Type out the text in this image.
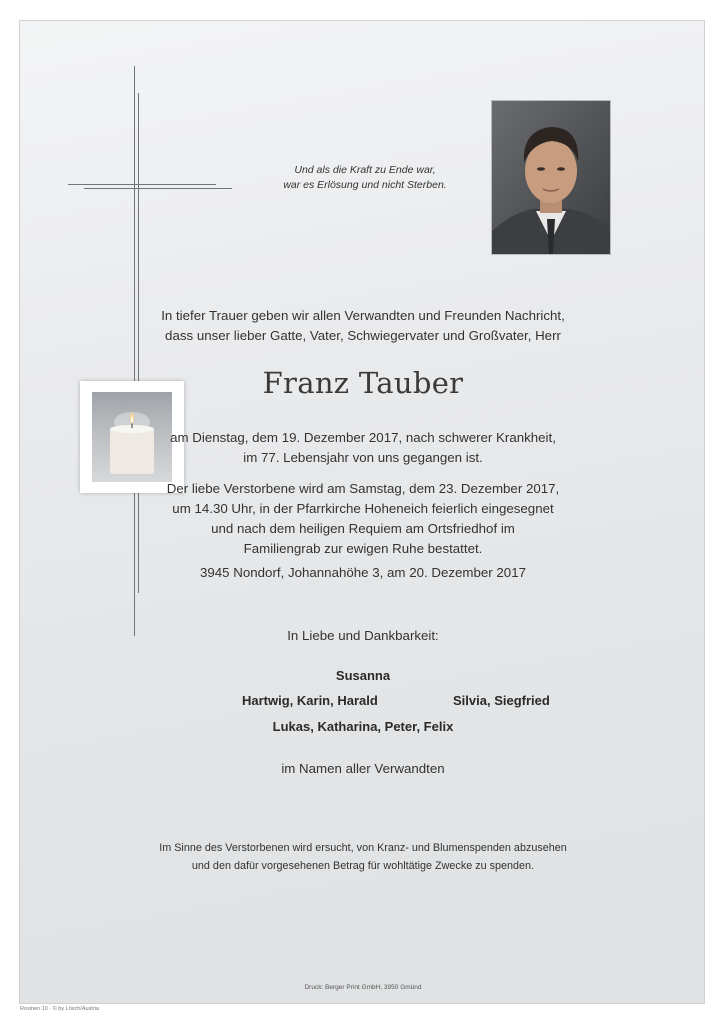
Und als die Kraft zu Ende war,
war es Erlösung und nicht Sterben.
In tiefer Trauer geben wir allen Verwandten und Freunden Nachricht,
dass unser lieber Gatte, Vater, Schwiegervater und Großvater, Herr
Franz Tauber
am Dienstag, dem 19. Dezember 2017, nach schwerer Krankheit,
im 77. Lebensjahr von uns gegangen ist.
Der liebe Verstorbene wird am Samstag, dem 23. Dezember 2017,
um 14.30 Uhr, in der Pfarrkirche Hoheneich feierlich eingesegnet
und nach dem heiligen Requiem am Ortsfriedhof im
Familiengrab zur ewigen Ruhe bestattet.
3945 Nondorf, Johannahöhe 3, am 20. Dezember 2017
In Liebe und Dankbarkeit:
Susanna
Hartwig, Karin, Harald	Silvia, Siegfried
Lukas, Katharina, Peter, Felix
im Namen aller Verwandten
Im Sinne des Verstorbenen wird ersucht, von Kranz- und Blumenspenden abzusehen
und den dafür vorgesehenen Betrag für wohltätige Zwecke zu spenden.
Druck: Berger Print GmbH, 3950 Gmünd
Rosinen 10 · © by Lösch/Austria
